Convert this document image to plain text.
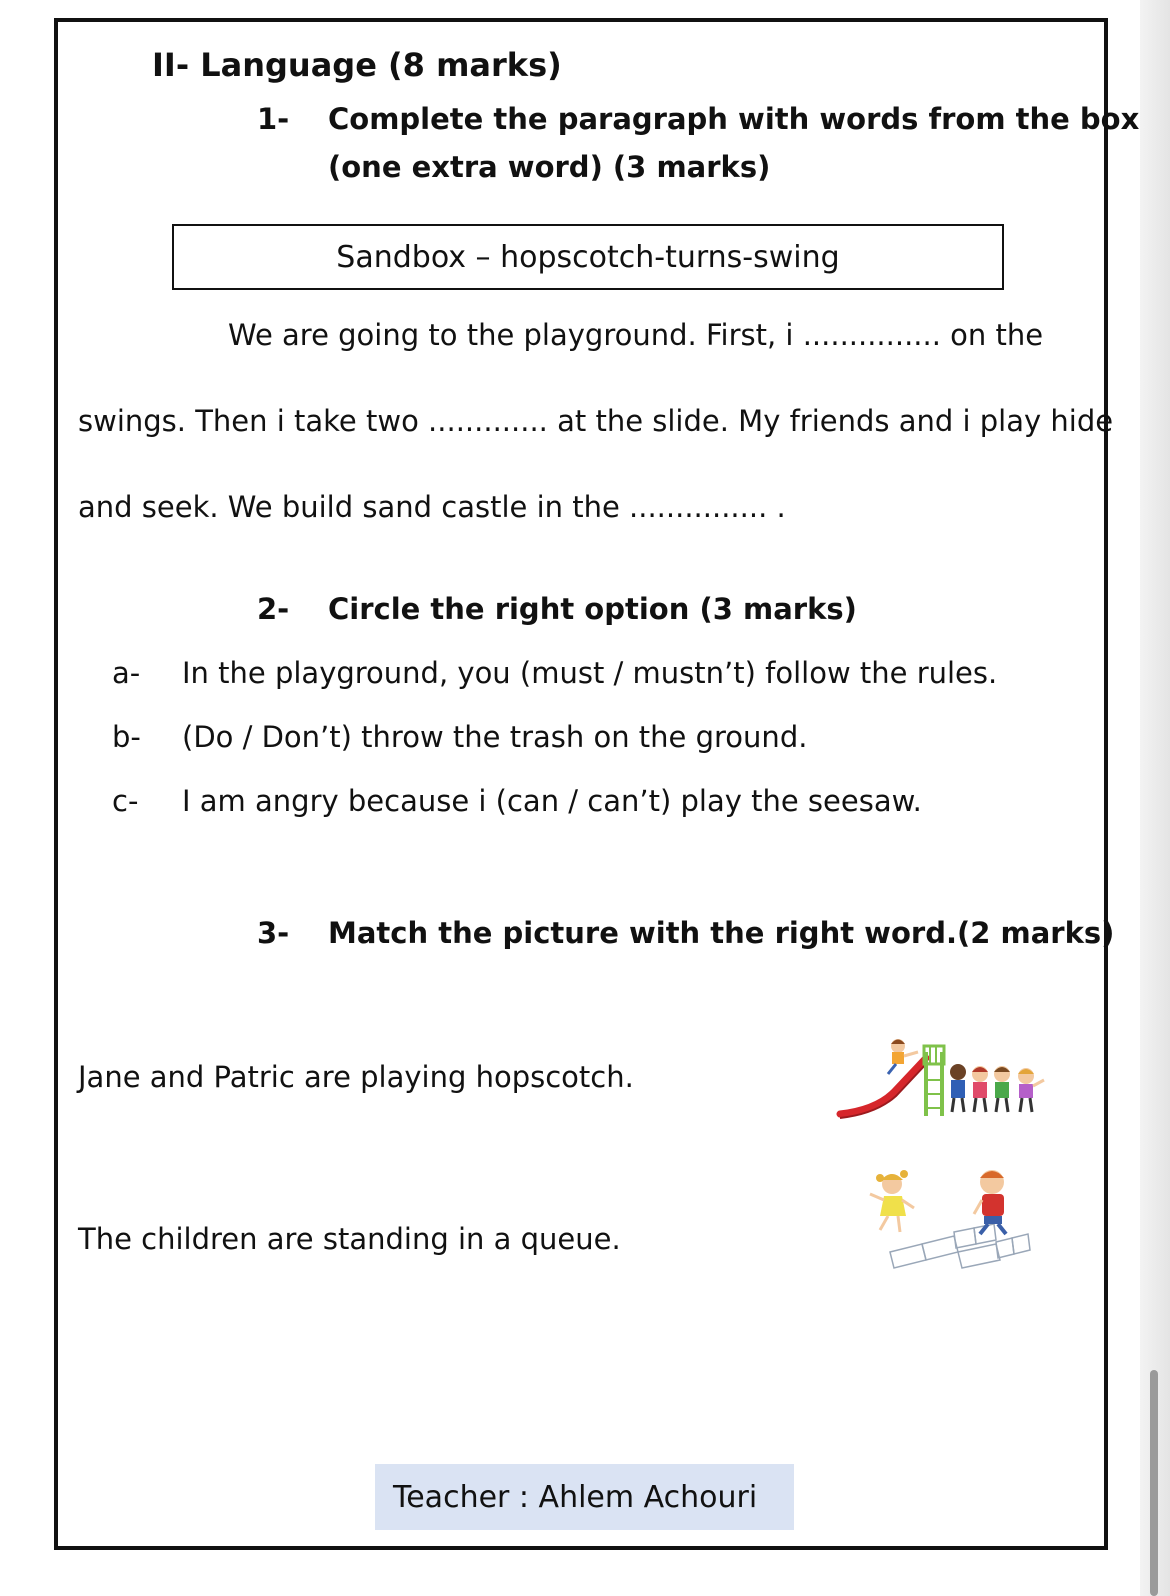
II- Language (8 marks)
1- Complete the paragraph with words from the box
(one extra word) (3 marks)
Sandbox – hopscotch-turns-swing
We are going to the playground. First, i ............... on the
swings. Then i take two ............. at the slide. My friends and i play hide
and seek. We build sand castle in the ............... .
2- Circle the right option (3 marks)
a- In the playground, you (must / mustn’t) follow the rules.
b- (Do / Don’t) throw the trash on the ground.
c- I am angry because i (can / can’t) play the seesaw.
3- Match the picture with the right word.(2 marks)
Jane and Patric are playing hopscotch.
The children are standing in a queue.
Teacher : Ahlem Achouri
